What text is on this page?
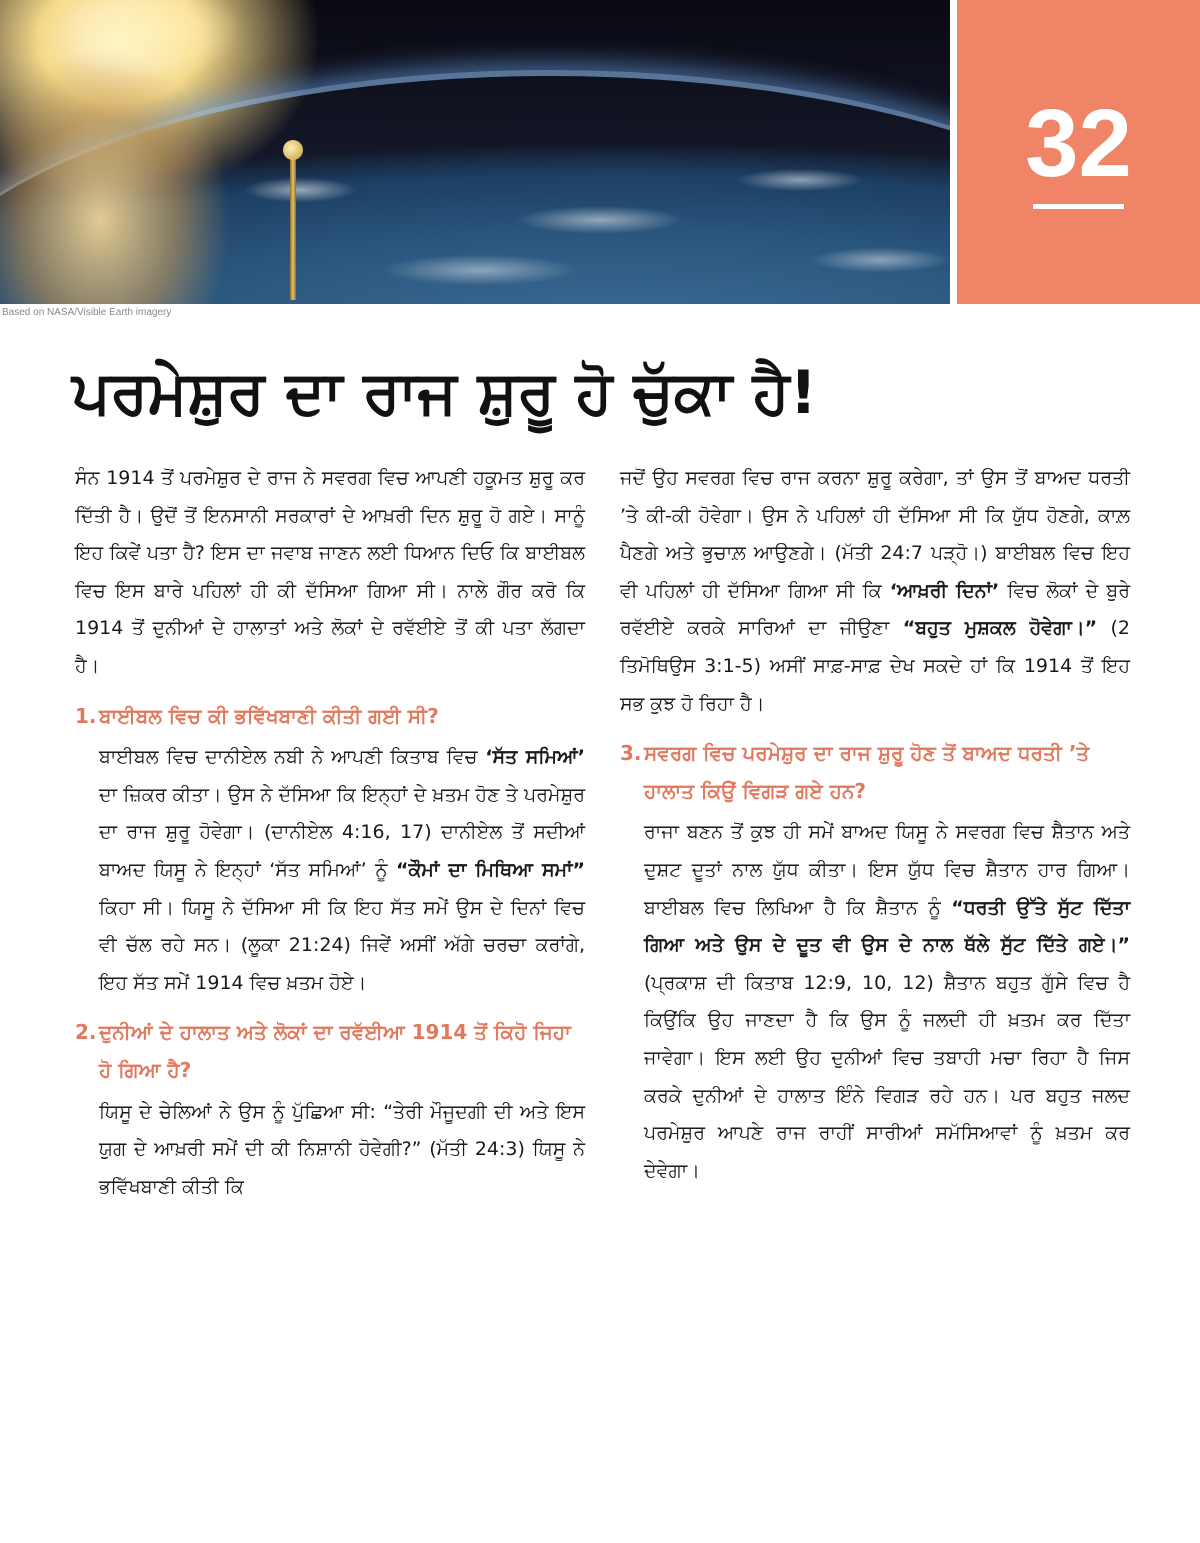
Based on NASA/Visible Earth imagery
32
ਪਰਮੇਸ਼ੁਰ ਦਾ ਰਾਜ ਸ਼ੁਰੂ ਹੋ ਚੁੱਕਾ ਹੈ!

ਸੰਨ 1914 ਤੋਂ ਪਰਮੇਸ਼ੁਰ ਦੇ ਰਾਜ ਨੇ ਸਵਰਗ ਵਿਚ ਆਪਣੀ ਹਕੂਮਤ ਸ਼ੁਰੂ ਕਰ ਦਿੱਤੀ ਹੈ। ਉਦੋਂ ਤੋਂ ਇਨਸਾਨੀ ਸਰਕਾਰਾਂ ਦੇ ਆਖ਼ਰੀ ਦਿਨ ਸ਼ੁਰੂ ਹੋ ਗਏ। ਸਾਨੂੰ ਇਹ ਕਿਵੇਂ ਪਤਾ ਹੈ? ਇਸ ਦਾ ਜਵਾਬ ਜਾਣਨ ਲਈ ਧਿਆਨ ਦਿਓ ਕਿ ਬਾਈਬਲ ਵਿਚ ਇਸ ਬਾਰੇ ਪਹਿਲਾਂ ਹੀ ਕੀ ਦੱਸਿਆ ਗਿਆ ਸੀ। ਨਾਲੇ ਗੌਰ ਕਰੋ ਕਿ 1914 ਤੋਂ ਦੁਨੀਆਂ ਦੇ ਹਾਲਾਤਾਂ ਅਤੇ ਲੋਕਾਂ ਦੇ ਰਵੱਈਏ ਤੋਂ ਕੀ ਪਤਾ ਲੱਗਦਾ ਹੈ।

1. ਬਾਈਬਲ ਵਿਚ ਕੀ ਭਵਿੱਖਬਾਣੀ ਕੀਤੀ ਗਈ ਸੀ?

ਬਾਈਬਲ ਵਿਚ ਦਾਨੀਏਲ ਨਬੀ ਨੇ ਆਪਣੀ ਕਿਤਾਬ ਵਿਚ ‘ਸੱਤ ਸਮਿਆਂ’ ਦਾ ਜ਼ਿਕਰ ਕੀਤਾ। ਉਸ ਨੇ ਦੱਸਿਆ ਕਿ ਇਨ੍ਹਾਂ ਦੇ ਖ਼ਤਮ ਹੋਣ ਤੇ ਪਰਮੇਸ਼ੁਰ ਦਾ ਰਾਜ ਸ਼ੁਰੂ ਹੋਵੇਗਾ। (ਦਾਨੀਏਲ 4:16, 17) ਦਾਨੀਏਲ ਤੋਂ ਸਦੀਆਂ ਬਾਅਦ ਯਿਸੂ ਨੇ ਇਨ੍ਹਾਂ ‘ਸੱਤ ਸਮਿਆਂ’ ਨੂੰ “ਕੌਮਾਂ ਦਾ ਮਿਥਿਆ ਸਮਾਂ” ਕਿਹਾ ਸੀ। ਯਿਸੂ ਨੇ ਦੱਸਿਆ ਸੀ ਕਿ ਇਹ ਸੱਤ ਸਮੇਂ ਉਸ ਦੇ ਦਿਨਾਂ ਵਿਚ ਵੀ ਚੱਲ ਰਹੇ ਸਨ। (ਲੂਕਾ 21:24) ਜਿਵੇਂ ਅਸੀਂ ਅੱਗੇ ਚਰਚਾ ਕਰਾਂਗੇ, ਇਹ ਸੱਤ ਸਮੇਂ 1914 ਵਿਚ ਖ਼ਤਮ ਹੋਏ।

2. ਦੁਨੀਆਂ ਦੇ ਹਾਲਾਤ ਅਤੇ ਲੋਕਾਂ ਦਾ ਰਵੱਈਆ 1914 ਤੋਂ ਕਿਹੋ ਜਿਹਾ ਹੋ ਗਿਆ ਹੈ?

ਯਿਸੂ ਦੇ ਚੇਲਿਆਂ ਨੇ ਉਸ ਨੂੰ ਪੁੱਛਿਆ ਸੀ: “ਤੇਰੀ ਮੌਜੂਦਗੀ ਦੀ ਅਤੇ ਇਸ ਯੁਗ ਦੇ ਆਖ਼ਰੀ ਸਮੇਂ ਦੀ ਕੀ ਨਿਸ਼ਾਨੀ ਹੋਵੇਗੀ?” (ਮੱਤੀ 24:3) ਯਿਸੂ ਨੇ ਭਵਿੱਖਬਾਣੀ ਕੀਤੀ ਕਿ

ਜਦੋਂ ਉਹ ਸਵਰਗ ਵਿਚ ਰਾਜ ਕਰਨਾ ਸ਼ੁਰੂ ਕਰੇਗਾ, ਤਾਂ ਉਸ ਤੋਂ ਬਾਅਦ ਧਰਤੀ ’ਤੇ ਕੀ-ਕੀ ਹੋਵੇਗਾ। ਉਸ ਨੇ ਪਹਿਲਾਂ ਹੀ ਦੱਸਿਆ ਸੀ ਕਿ ਯੁੱਧ ਹੋਣਗੇ, ਕਾਲ਼ ਪੈਣਗੇ ਅਤੇ ਭੁਚਾਲ਼ ਆਉਣਗੇ। (ਮੱਤੀ 24:7 ਪੜ੍ਹੋ।) ਬਾਈਬਲ ਵਿਚ ਇਹ ਵੀ ਪਹਿਲਾਂ ਹੀ ਦੱਸਿਆ ਗਿਆ ਸੀ ਕਿ ‘ਆਖ਼ਰੀ ਦਿਨਾਂ’ ਵਿਚ ਲੋਕਾਂ ਦੇ ਬੁਰੇ ਰਵੱਈਏ ਕਰਕੇ ਸਾਰਿਆਂ ਦਾ ਜੀਉਣਾ “ਬਹੁਤ ਮੁਸ਼ਕਲ ਹੋਵੇਗਾ।” (2 ਤਿਮੋਥਿਉਸ 3:1-5) ਅਸੀਂ ਸਾਫ਼-ਸਾਫ਼ ਦੇਖ ਸਕਦੇ ਹਾਂ ਕਿ 1914 ਤੋਂ ਇਹ ਸਭ ਕੁਝ ਹੋ ਰਿਹਾ ਹੈ।

3. ਸਵਰਗ ਵਿਚ ਪਰਮੇਸ਼ੁਰ ਦਾ ਰਾਜ ਸ਼ੁਰੂ ਹੋਣ ਤੋਂ ਬਾਅਦ ਧਰਤੀ ’ਤੇ ਹਾਲਾਤ ਕਿਉਂ ਵਿਗੜ ਗਏ ਹਨ?

ਰਾਜਾ ਬਣਨ ਤੋਂ ਕੁਝ ਹੀ ਸਮੇਂ ਬਾਅਦ ਯਿਸੂ ਨੇ ਸਵਰਗ ਵਿਚ ਸ਼ੈਤਾਨ ਅਤੇ ਦੁਸ਼ਟ ਦੂਤਾਂ ਨਾਲ ਯੁੱਧ ਕੀਤਾ। ਇਸ ਯੁੱਧ ਵਿਚ ਸ਼ੈਤਾਨ ਹਾਰ ਗਿਆ। ਬਾਈਬਲ ਵਿਚ ਲਿਖਿਆ ਹੈ ਕਿ ਸ਼ੈਤਾਨ ਨੂੰ “ਧਰਤੀ ਉੱਤੇ ਸੁੱਟ ਦਿੱਤਾ ਗਿਆ ਅਤੇ ਉਸ ਦੇ ਦੂਤ ਵੀ ਉਸ ਦੇ ਨਾਲ ਥੱਲੇ ਸੁੱਟ ਦਿੱਤੇ ਗਏ।” (ਪ੍ਰਕਾਸ਼ ਦੀ ਕਿਤਾਬ 12:9, 10, 12) ਸ਼ੈਤਾਨ ਬਹੁਤ ਗੁੱਸੇ ਵਿਚ ਹੈ ਕਿਉਂਕਿ ਉਹ ਜਾਣਦਾ ਹੈ ਕਿ ਉਸ ਨੂੰ ਜਲਦੀ ਹੀ ਖ਼ਤਮ ਕਰ ਦਿੱਤਾ ਜਾਵੇਗਾ। ਇਸ ਲਈ ਉਹ ਦੁਨੀਆਂ ਵਿਚ ਤਬਾਹੀ ਮਚਾ ਰਿਹਾ ਹੈ ਜਿਸ ਕਰਕੇ ਦੁਨੀਆਂ ਦੇ ਹਾਲਾਤ ਇੰਨੇ ਵਿਗੜ ਰਹੇ ਹਨ। ਪਰ ਬਹੁਤ ਜਲਦ ਪਰਮੇਸ਼ੁਰ ਆਪਣੇ ਰਾਜ ਰਾਹੀਂ ਸਾਰੀਆਂ ਸਮੱਸਿਆਵਾਂ ਨੂੰ ਖ਼ਤਮ ਕਰ ਦੇਵੇਗਾ।
